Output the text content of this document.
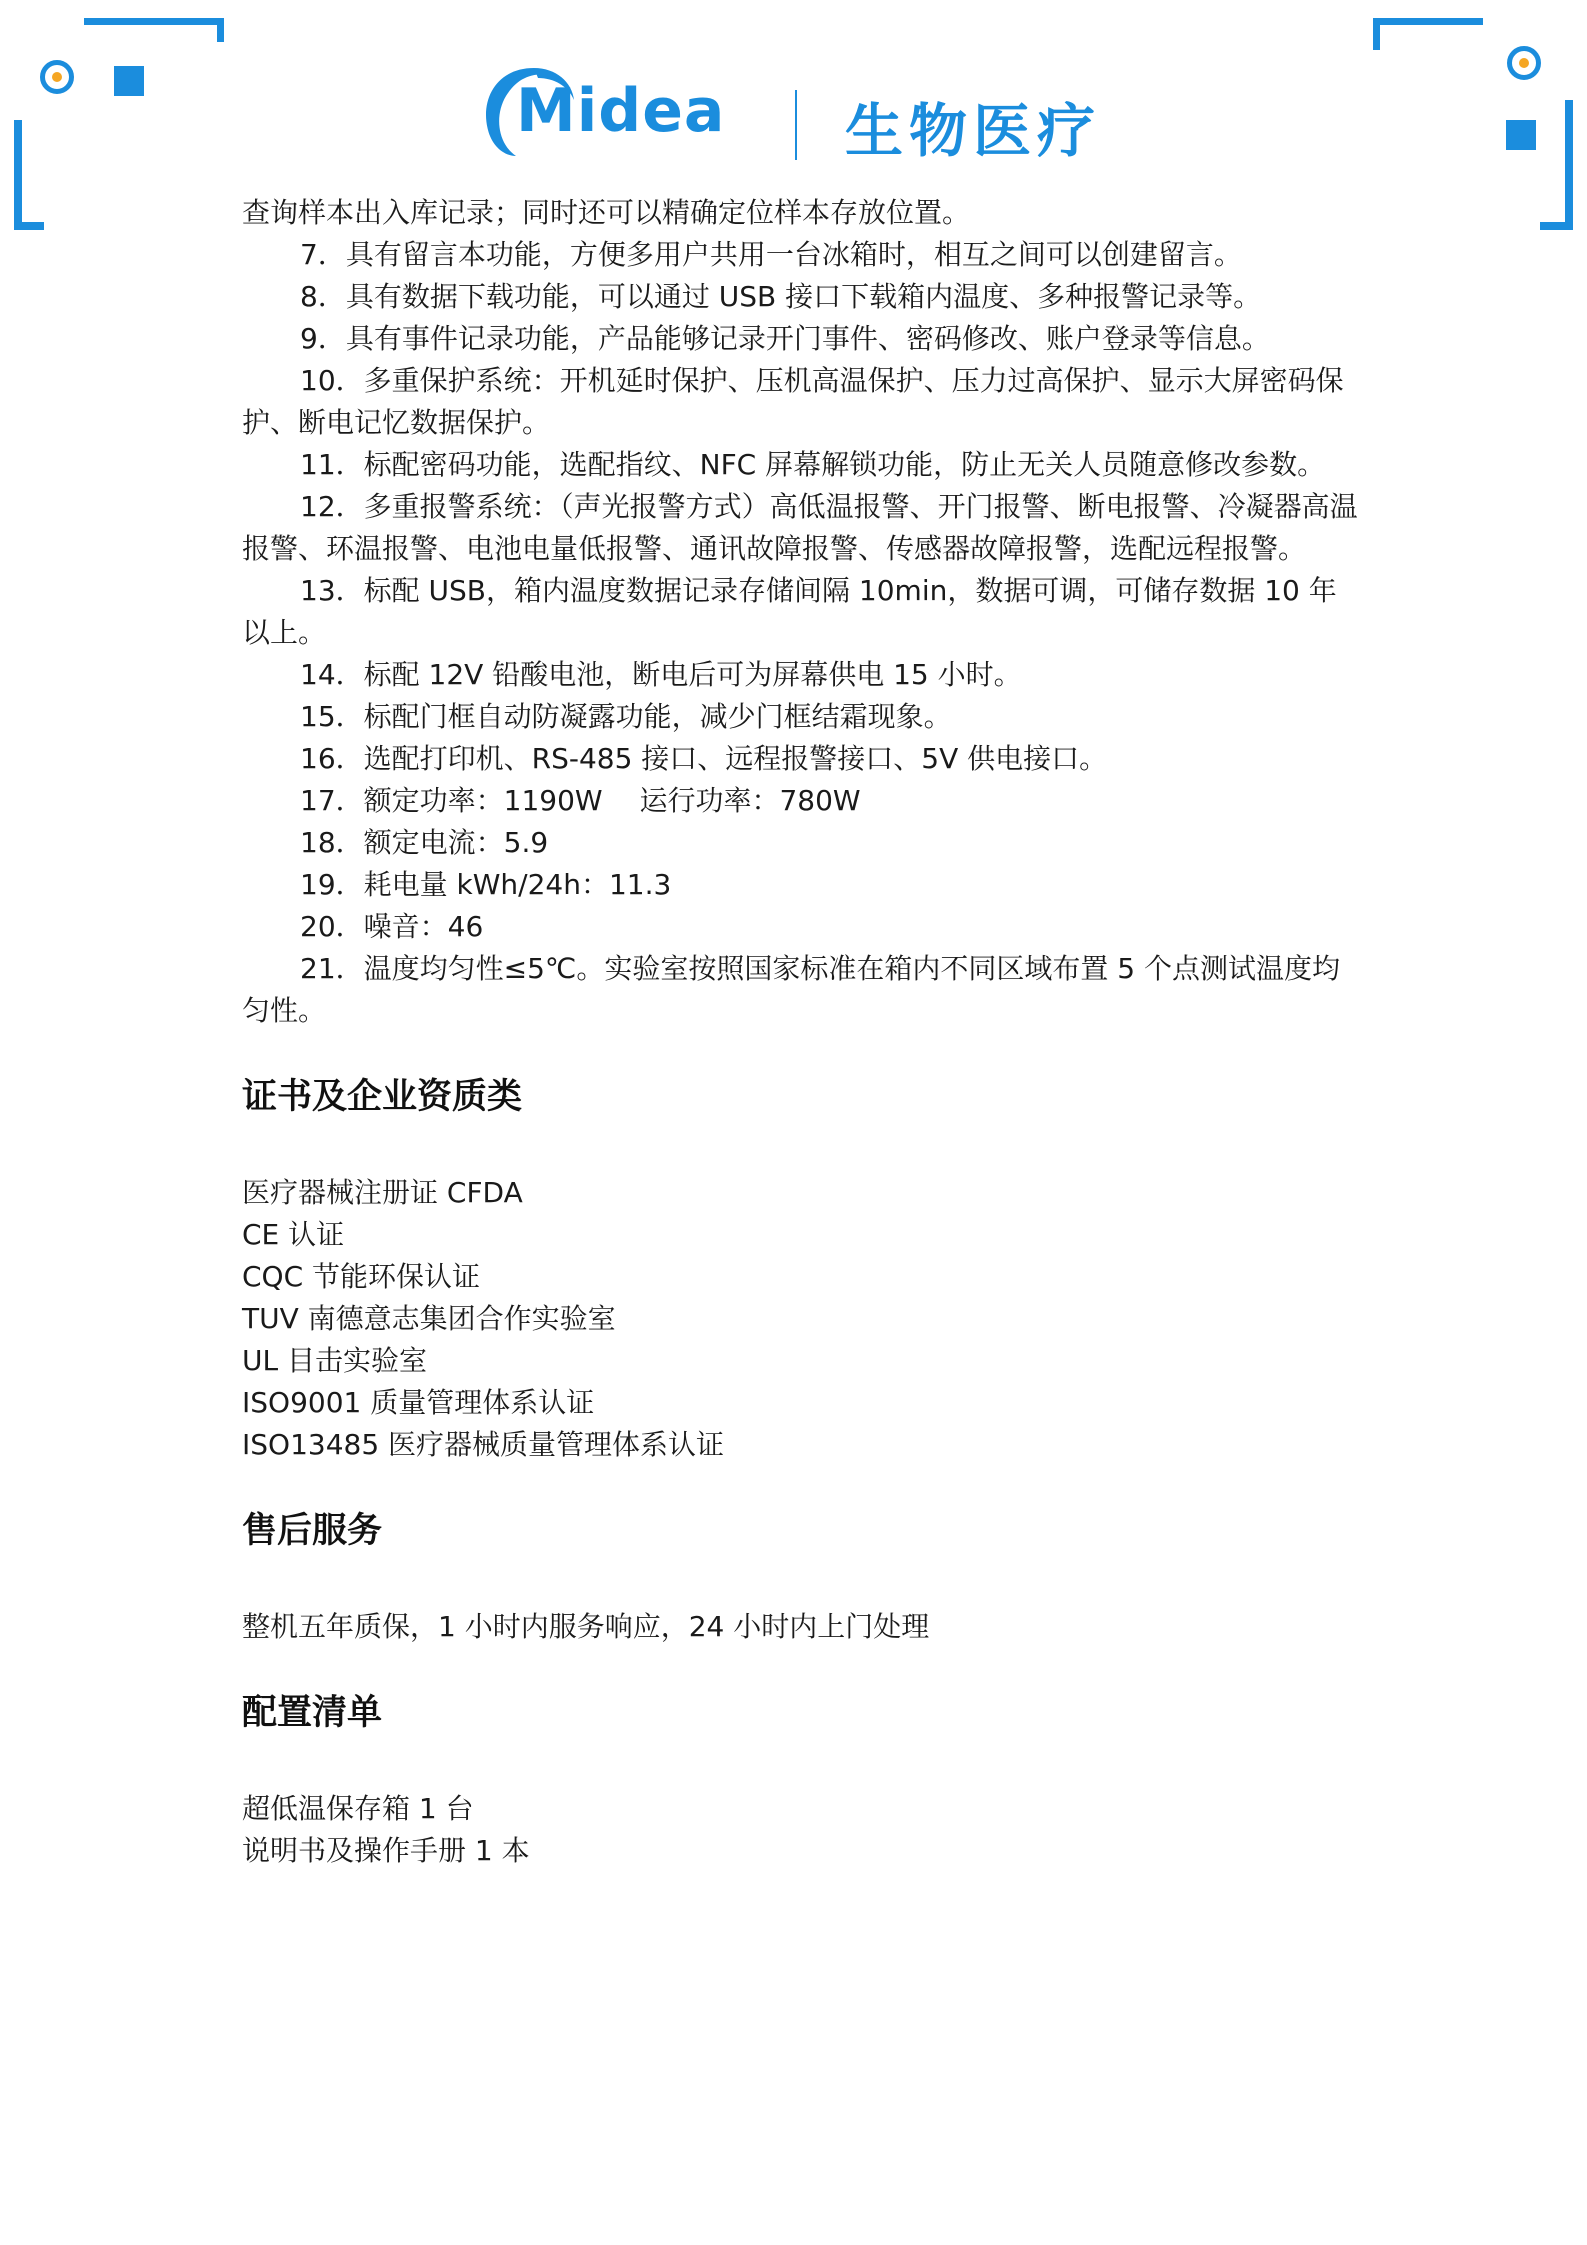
Midea 生物医疗

查询样本出入库记录；同时还可以精确定位样本存放位置。

7．具有留言本功能，方便多用户共用一台冰箱时，相互之间可以创建留言。

8．具有数据下载功能，可以通过 USB 接口下载箱内温度、多种报警记录等。

9．具有事件记录功能，产品能够记录开门事件、密码修改、账户登录等信息。

10．多重保护系统：开机延时保护、压机高温保护、压力过高保护、显示大屏密码保护、断电记忆数据保护。

11．标配密码功能，选配指纹、NFC 屏幕解锁功能，防止无关人员随意修改参数。

12．多重报警系统：（声光报警方式）高低温报警、开门报警、断电报警、冷凝器高温报警、环温报警、电池电量低报警、通讯故障报警、传感器故障报警，选配远程报警。

13．标配 USB，箱内温度数据记录存储间隔 10min，数据可调，可储存数据 10 年以上。

14．标配 12V 铅酸电池，断电后可为屏幕供电 15 小时。

15．标配门框自动防凝露功能，减少门框结霜现象。

16．选配打印机、RS-485 接口、远程报警接口、5V 供电接口。

17．额定功率：1190W　 运行功率：780W

18．额定电流：5.9

19．耗电量 kWh/24h：11.3

20．噪音：46

21．温度均匀性≤5℃。实验室按照国家标准在箱内不同区域布置 5 个点测试温度均匀性。

证书及企业资质类

医疗器械注册证 CFDA

CE 认证

CQC 节能环保认证

TUV 南德意志集团合作实验室

UL 目击实验室

ISO9001 质量管理体系认证

ISO13485 医疗器械质量管理体系认证

售后服务

整机五年质保，1 小时内服务响应，24 小时内上门处理

配置清单

超低温保存箱 1 台

说明书及操作手册 1 本
